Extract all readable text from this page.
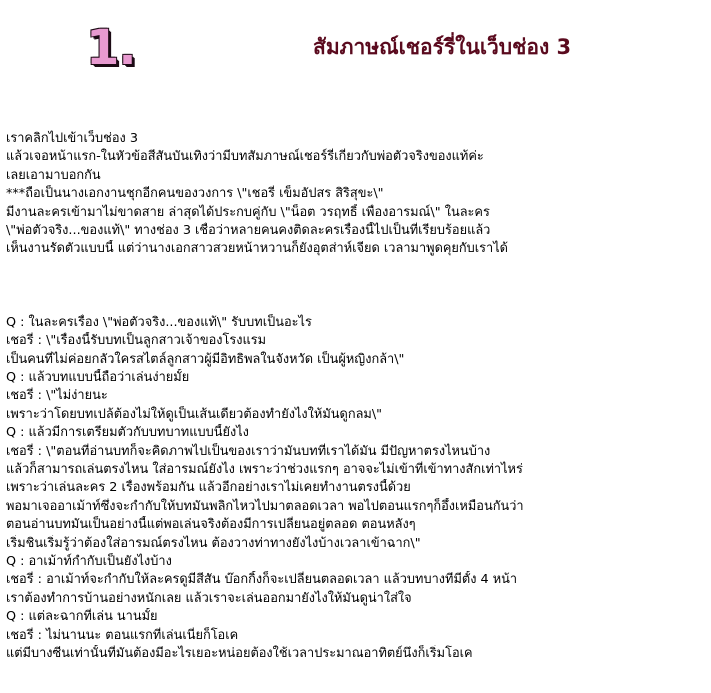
1.	สัมภาษณ์เชอร์รี่ในเว็บช่อง 3
เราคลิกไปเข้าเว็บช่อง 3
แล้วเจอหน้าแรก-ในหัวข้อสีสันบันเทิงว่ามีบทสัมภาษณ์เชอร์รี่เกี่ยวกับพ่อตัวจริงของแท้ค่ะ
เลยเอามาบอกกัน
***ถือเป็นนางเอกงานชุกอีกคนของวงการ \"เชอรี่ เข็มอัปสร สิริสุขะ\"
มีงานละครเข้ามาไม่ขาดสาย ล่าสุดได้ประกบคู่กับ \"น็อต วรฤทธิ์ เพื่องอารมณ์\" ในละคร
\"พ่อตัวจริง...ของแท้\" ทางช่อง 3 เชื่อว่าหลายคนคงติดละครเรื่องนี้ไปเป็นที่เรียบร้อยแล้ว
เห็นงานรัดตัวแบบนี้ แต่ว่านางเอกสาวสวยหน้าหวานก็ยังอุตส่าห์เจียด เวลามาพูดคุยกับเราได้
Q : ในละครเรื่อง \"พ่อตัวจริง...ของแท้\" รับบทเป็นอะไร
เชอรี่ : \"เรื่องนี้รับบทเป็นลูกสาวเจ้าของโรงแรม
เป็นคนที่ไม่ค่อยกลัวใครสไตล์ลูกสาวผู้มีอิทธิพลในจังหวัด เป็นผู้หญิงกล้า\"
Q : แล้วบทแบบนี้ถือว่าเล่นง่ายมั้ย
เชอรี่ : \"ไม่ง่ายนะ
เพราะว่าโดยบทเปล้ต้องไม่ให้ดูเป็นเส้นเดียวต้องทำยังไงให้มันดูกลม\"
Q : แล้วมีการเตรียมตัวกับบทบาทแบบนี้ยังไง
เชอรี่ : \"ตอนที่อ่านบทก็จะคิดภาพไปเป็นของเราว่ามันบทที่เราได้มัน มีปัญหาตรงไหนบ้าง
แล้วก็สามารถเล่นตรงไหน ใส่อารมณ์ยังไง เพราะว่าช่วงแรกๆ อาจจะไม่เข้าที่เข้าทางสักเท่าไหร่
เพราะว่าเล่นละคร 2 เรื่องพร้อมกัน แล้วอีกอย่างเราไม่เคยทำงานตรงนี้ด้วย
พอมาเจออาเม้าท์ซึ่งจะกำกับให้บทมันพลิกไหวไปมาตลอดเวลา พอไปตอนแรกๆก็อึ้งเหมือนกันว่า
ตอนอ่านบทมันเป็นอย่างนี้แต่พอเล่นจริงต้องมีการเปลี่ยนอยู่ตลอด ตอนหลังๆ
เริ่มชินเริ่มรู้ว่าต้องใส่อารมณ์ตรงไหน ต้องวางท่าทางยังไงบ้างเวลาเข้าฉาก\"
Q : อาเม้าท์กำกับเป็นยังไงบ้าง
เชอรี่ : อาเม้าท์จะกำกับให้ละครดูมีสีสัน บ๊อกกิ้งก็จะเปลี่ยนตลอดเวลา แล้วบทบางทีมีตั้ง 4 หน้า
เราต้องทำการบ้านอย่างหนักเลย แล้วเราจะเล่นออกมายังไงให้มันดูน่าใส่ใจ
Q : แต่ละฉากที่เล่น นานมั้ย
เชอรี่ : ไม่นานนะ ตอนแรกที่เล่นเนี่ยก็โอเค
แต่มีบางซีนเท่านั้นที่มันต้องมีอะไรเยอะหน่อยต้องใช้เวลาประมาณอาทิตย์นึงก็เริ่มโอเค
